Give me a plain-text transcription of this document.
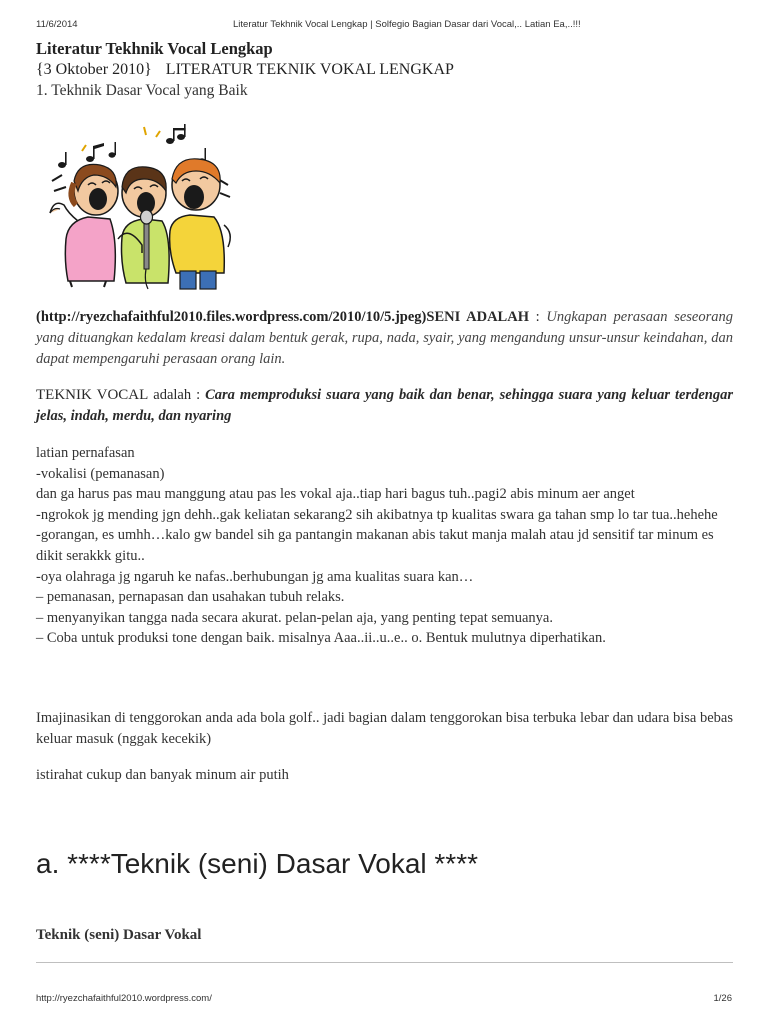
11/6/2014	Literatur Tekhnik Vocal Lengkap | Solfegio Bagian Dasar dari Vocal,.. Latian Ea,..!!!
Literatur Tekhnik Vocal Lengkap

{3 Oktober 2010} LITERATUR TEKNIK VOKAL LENGKAP

1. Tekhnik Dasar Vocal yang Baik

(http://ryezchafaithful2010.files.wordpress.com/2010/10/5.jpeg)SENI ADALAH : Ungkapan perasaan seseorang yang dituangkan kedalam kreasi dalam bentuk gerak, rupa, nada, syair, yang mengandung unsur-unsur keindahan, dan dapat mempengaruhi perasaan orang lain.

TEKNIK VOCAL adalah : Cara memproduksi suara yang baik dan benar, sehingga suara yang keluar terdengar jelas, indah, merdu, dan nyaring

latian pernafasan
-vokalisi (pemanasan)
dan ga harus pas mau manggung atau pas les vokal aja..tiap hari bagus tuh..pagi2 abis minum aer anget
-ngrokok jg mending jgn dehh..gak keliatan sekarang2 sih akibatnya tp kualitas swara ga tahan smp lo tar tua..hehehe
-gorangan, es umhh…kalo gw bandel sih ga pantangin makanan abis takut manja malah atau jd sensitif tar minum es dikit serakkk gitu..
-oya olahraga jg ngaruh ke nafas..berhubungan jg ama kualitas suara kan…
– pemanasan, pernapasan dan usahakan tubuh relaks.
– menyanyikan tangga nada secara akurat. pelan-pelan aja, yang penting tepat semuanya.
– Coba untuk produksi tone dengan baik. misalnya Aaa..ii..u..e.. o. Bentuk mulutnya diperhatikan.

Imajinasikan di tenggorokan anda ada bola golf.. jadi bagian dalam tenggorokan bisa terbuka lebar dan udara bisa bebas keluar masuk (nggak kecekik)

istirahat cukup dan banyak minum air putih

a. ****Teknik (seni) Dasar Vokal ****
Teknik (seni) Dasar Vokal
http://ryezchafaithful2010.wordpress.com/	1/26
